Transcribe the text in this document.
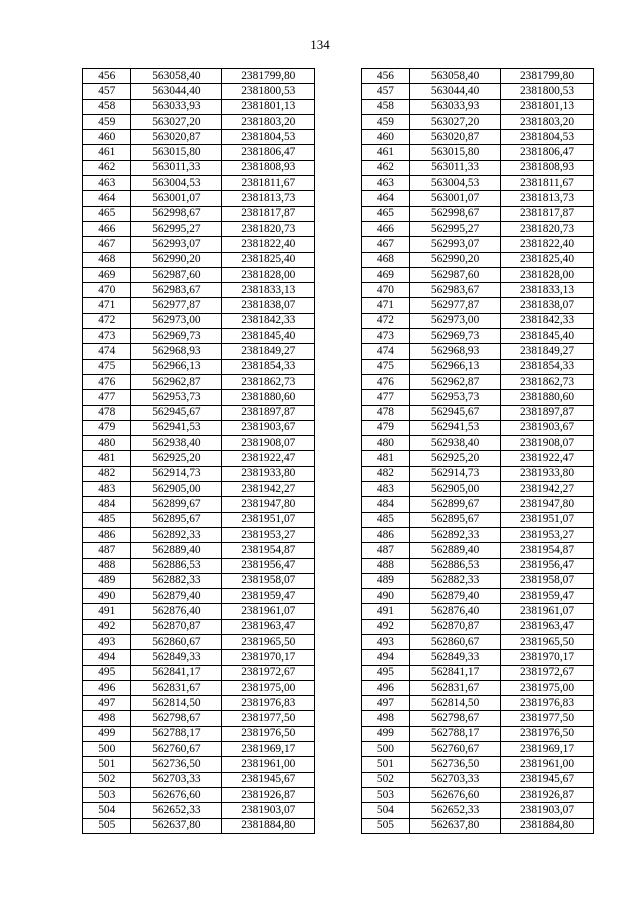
134
456	563058,40	2381799,80		456	563058,40	2381799,80
457	563044,40	2381800,53		457	563044,40	2381800,53
458	563033,93	2381801,13		458	563033,93	2381801,13
459	563027,20	2381803,20		459	563027,20	2381803,20
460	563020,87	2381804,53		460	563020,87	2381804,53
461	563015,80	2381806,47		461	563015,80	2381806,47
462	563011,33	2381808,93		462	563011,33	2381808,93
463	563004,53	2381811,67		463	563004,53	2381811,67
464	563001,07	2381813,73		464	563001,07	2381813,73
465	562998,67	2381817,87		465	562998,67	2381817,87
466	562995,27	2381820,73		466	562995,27	2381820,73
467	562993,07	2381822,40		467	562993,07	2381822,40
468	562990,20	2381825,40		468	562990,20	2381825,40
469	562987,60	2381828,00		469	562987,60	2381828,00
470	562983,67	2381833,13		470	562983,67	2381833,13
471	562977,87	2381838,07		471	562977,87	2381838,07
472	562973,00	2381842,33		472	562973,00	2381842,33
473	562969,73	2381845,40		473	562969,73	2381845,40
474	562968,93	2381849,27		474	562968,93	2381849,27
475	562966,13	2381854,33		475	562966,13	2381854,33
476	562962,87	2381862,73		476	562962,87	2381862,73
477	562953,73	2381880,60		477	562953,73	2381880,60
478	562945,67	2381897,87		478	562945,67	2381897,87
479	562941,53	2381903,67		479	562941,53	2381903,67
480	562938,40	2381908,07		480	562938,40	2381908,07
481	562925,20	2381922,47		481	562925,20	2381922,47
482	562914,73	2381933,80		482	562914,73	2381933,80
483	562905,00	2381942,27		483	562905,00	2381942,27
484	562899,67	2381947,80		484	562899,67	2381947,80
485	562895,67	2381951,07		485	562895,67	2381951,07
486	562892,33	2381953,27		486	562892,33	2381953,27
487	562889,40	2381954,87		487	562889,40	2381954,87
488	562886,53	2381956,47		488	562886,53	2381956,47
489	562882,33	2381958,07		489	562882,33	2381958,07
490	562879,40	2381959,47		490	562879,40	2381959,47
491	562876,40	2381961,07		491	562876,40	2381961,07
492	562870,87	2381963,47		492	562870,87	2381963,47
493	562860,67	2381965,50		493	562860,67	2381965,50
494	562849,33	2381970,17		494	562849,33	2381970,17
495	562841,17	2381972,67		495	562841,17	2381972,67
496	562831,67	2381975,00		496	562831,67	2381975,00
497	562814,50	2381976,83		497	562814,50	2381976,83
498	562798,67	2381977,50		498	562798,67	2381977,50
499	562788,17	2381976,50		499	562788,17	2381976,50
500	562760,67	2381969,17		500	562760,67	2381969,17
501	562736,50	2381961,00		501	562736,50	2381961,00
502	562703,33	2381945,67		502	562703,33	2381945,67
503	562676,60	2381926,87		503	562676,60	2381926,87
504	562652,33	2381903,07		504	562652,33	2381903,07
505	562637,80	2381884,80		505	562637,80	2381884,80
